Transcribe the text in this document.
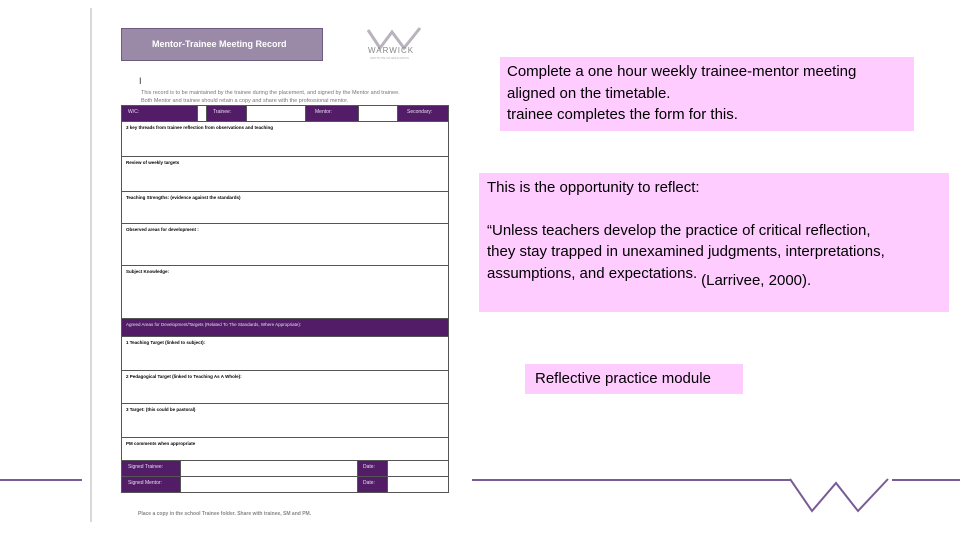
Mentor-Trainee Meeting Record
WARWICK
INSTITUTE OF EDUCATION
I
This record is to be maintained by the trainee during the placement, and signed by the Mentor and trainee.
Both Mentor and trainee should retain a copy and share with the professional mentor.
W/C:	Trainee:	Mentor:	Secondary:
3 key threads from trainee reflection from observations and teaching
Review of weekly targets
Teaching Strengths: (evidence against the standards)
Observed areas for development :
Subject Knowledge:
Agreed Areas for Development/Targets (Related To The Standards, Where Appropriate):
1 Teaching Target (linked to subject):
2 Pedagogical Target (linked to Teaching As A Whole):
3 Target: (this could be pastoral)
PM comments when appropriate
Signed Trainee:	Date:
Signed Mentor:	Date:
Place a copy in the school Trainee folder. Share with trainee, SM and PM.
Complete a one hour weekly trainee-mentor meeting
aligned on the timetable.
trainee completes the form for this.

This is the opportunity to reflect:

“Unless teachers develop the practice of critical reflection,
they stay trapped in unexamined judgments, interpretations,
assumptions, and expectations. (Larrivee, 2000).

Reflective practice module
